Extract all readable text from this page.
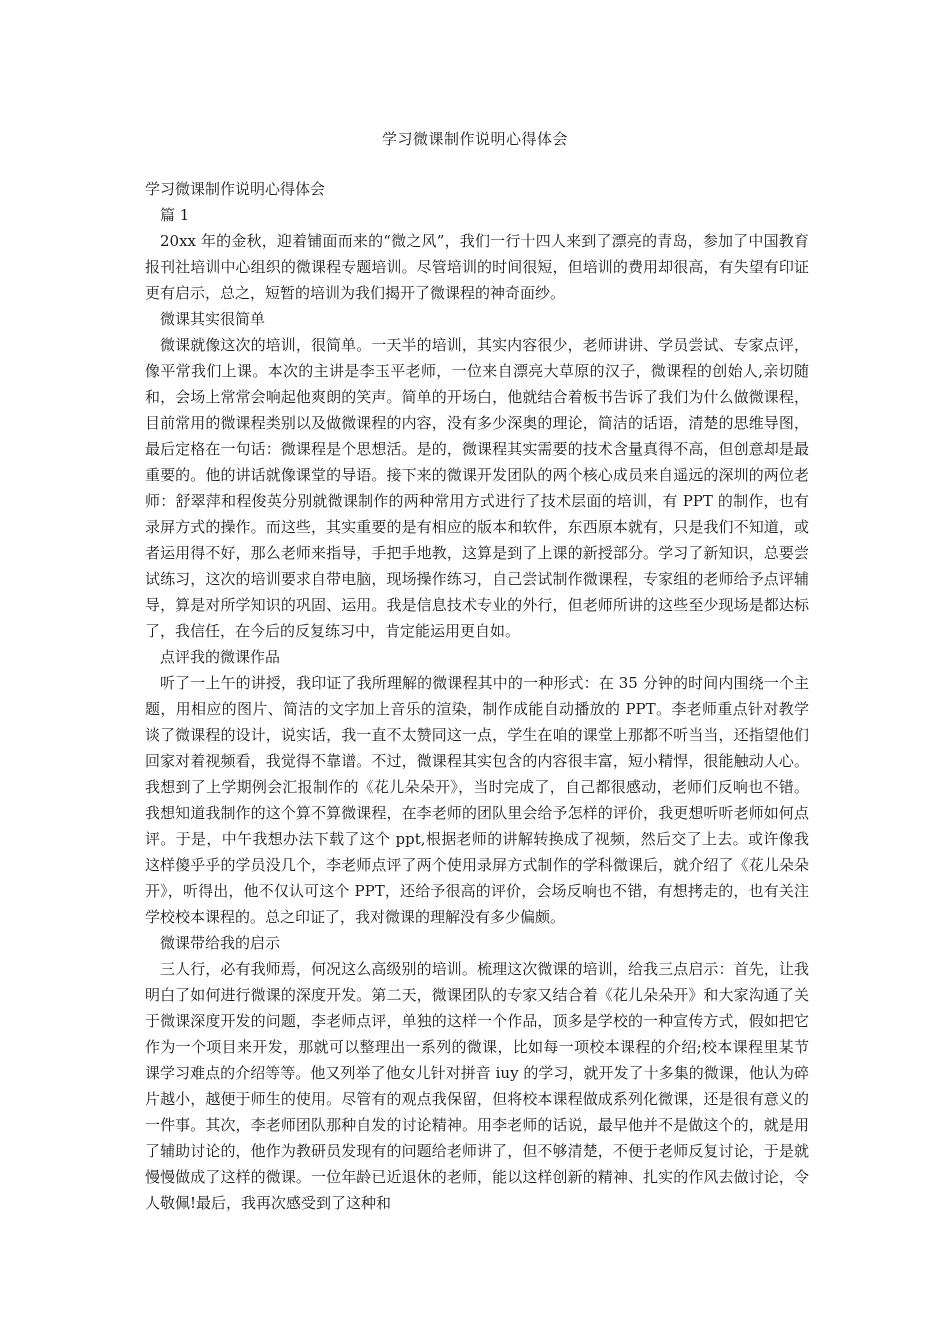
学习微课制作说明心得体会

学习微课制作说明心得体会

篇 1

20xx 年的金秋，迎着铺面而来的“微之风”，我们一行十四人来到了漂亮的青岛，参加了中国教育报刊社培训中心组织的微课程专题培训。尽管培训的时间很短，但培训的费用却很高，有失望有印证更有启示，总之，短暂的培训为我们揭开了微课程的神奇面纱。

微课其实很简单

微课就像这次的培训，很简单。一天半的培训，其实内容很少，老师讲讲、学员尝试、专家点评，像平常我们上课。本次的主讲是李玉平老师，一位来自漂亮大草原的汉子，微课程的创始人,亲切随和，会场上常常会响起他爽朗的笑声。简单的开场白，他就结合着板书告诉了我们为什么做微课程，目前常用的微课程类别以及做微课程的内容，没有多少深奥的理论，简洁的话语，清楚的思维导图，最后定格在一句话：微课程是个思想活。是的，微课程其实需要的技术含量真得不高，但创意却是最重要的。他的讲话就像课堂的导语。接下来的微课开发团队的两个核心成员来自遥远的深圳的两位老师：舒翠萍和程俊英分别就微课制作的两种常用方式进行了技术层面的培训，有 PPT 的制作，也有录屏方式的操作。而这些，其实重要的是有相应的版本和软件，东西原本就有，只是我们不知道，或者运用得不好，那么老师来指导，手把手地教，这算是到了上课的新授部分。学习了新知识，总要尝试练习，这次的培训要求自带电脑，现场操作练习，自己尝试制作微课程，专家组的老师给予点评辅导，算是对所学知识的巩固、运用。我是信息技术专业的外行，但老师所讲的这些至少现场是都达标了，我信任，在今后的反复练习中，肯定能运用更自如。

点评我的微课作品

听了一上午的讲授，我印证了我所理解的微课程其中的一种形式：在 35 分钟的时间内围绕一个主题，用相应的图片、简洁的文字加上音乐的渲染，制作成能自动播放的 PPT。李老师重点针对教学谈了微课程的设计，说实话，我一直不太赞同这一点，学生在咱的课堂上那都不听当当，还指望他们回家对着视频看，我觉得不靠谱。不过，微课程其实包含的内容很丰富，短小精悍，很能触动人心。我想到了上学期例会汇报制作的《花儿朵朵开》，当时完成了，自己都很感动，老师们反响也不错。我想知道我制作的这个算不算微课程，在李老师的团队里会给予怎样的评价，我更想听听老师如何点评。于是，中午我想办法下载了这个 ppt,根据老师的讲解转换成了视频，然后交了上去。或许像我这样傻乎乎的学员没几个，李老师点评了两个使用录屏方式制作的学科微课后，就介绍了《花儿朵朵开》，听得出，他不仅认可这个 PPT，还给予很高的评价，会场反响也不错，有想拷走的，也有关注学校校本课程的。总之印证了，我对微课的理解没有多少偏颇。

微课带给我的启示

三人行，必有我师焉，何况这么高级别的培训。梳理这次微课的培训，给我三点启示：首先，让我明白了如何进行微课的深度开发。第二天，微课团队的专家又结合着《花儿朵朵开》和大家沟通了关于微课深度开发的问题，李老师点评，单独的这样一个作品，顶多是学校的一种宣传方式，假如把它作为一个项目来开发，那就可以整理出一系列的微课，比如每一项校本课程的介绍;校本课程里某节课学习难点的介绍等等。他又列举了他女儿针对拼音 iuy 的学习，就开发了十多集的微课，他认为碎片越小，越便于师生的使用。尽管有的观点我保留，但将校本课程做成系列化微课，还是很有意义的一件事。其次，李老师团队那种自发的讨论精神。用李老师的话说，最早他并不是做这个的，就是用了辅助讨论的，他作为教研员发现有的问题给老师讲了，但不够清楚，不便于老师反复讨论，于是就慢慢做成了这样的微课。一位年龄已近退休的老师，能以这样创新的精神、扎实的作风去做讨论，令人敬佩!最后，我再次感受到了这种和
